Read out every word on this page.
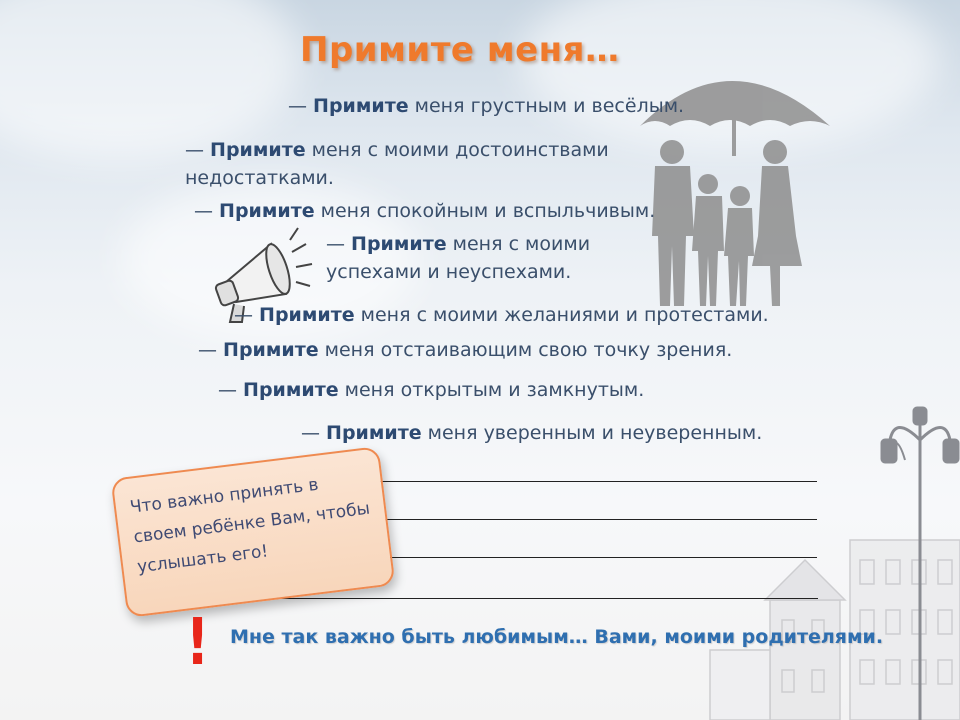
Примите меня…
— Примите меня грустным и весёлым.
— Примите меня с моими достоинствами
недостатками.
— Примите меня спокойным и вспыльчивым.
— Примите меня с моими
успехами и неуспехами.
— Примите меня с моими желаниями и протестами.
— Примите меня отстаивающим свою точку зрения.
— Примите меня открытым и замкнутым.
— Примите меня уверенным и неуверенным.
Что важно принять в своем ребёнке Вам, чтобы услышать его!
! Мне так важно быть любимым… Вами, моими родителями.
